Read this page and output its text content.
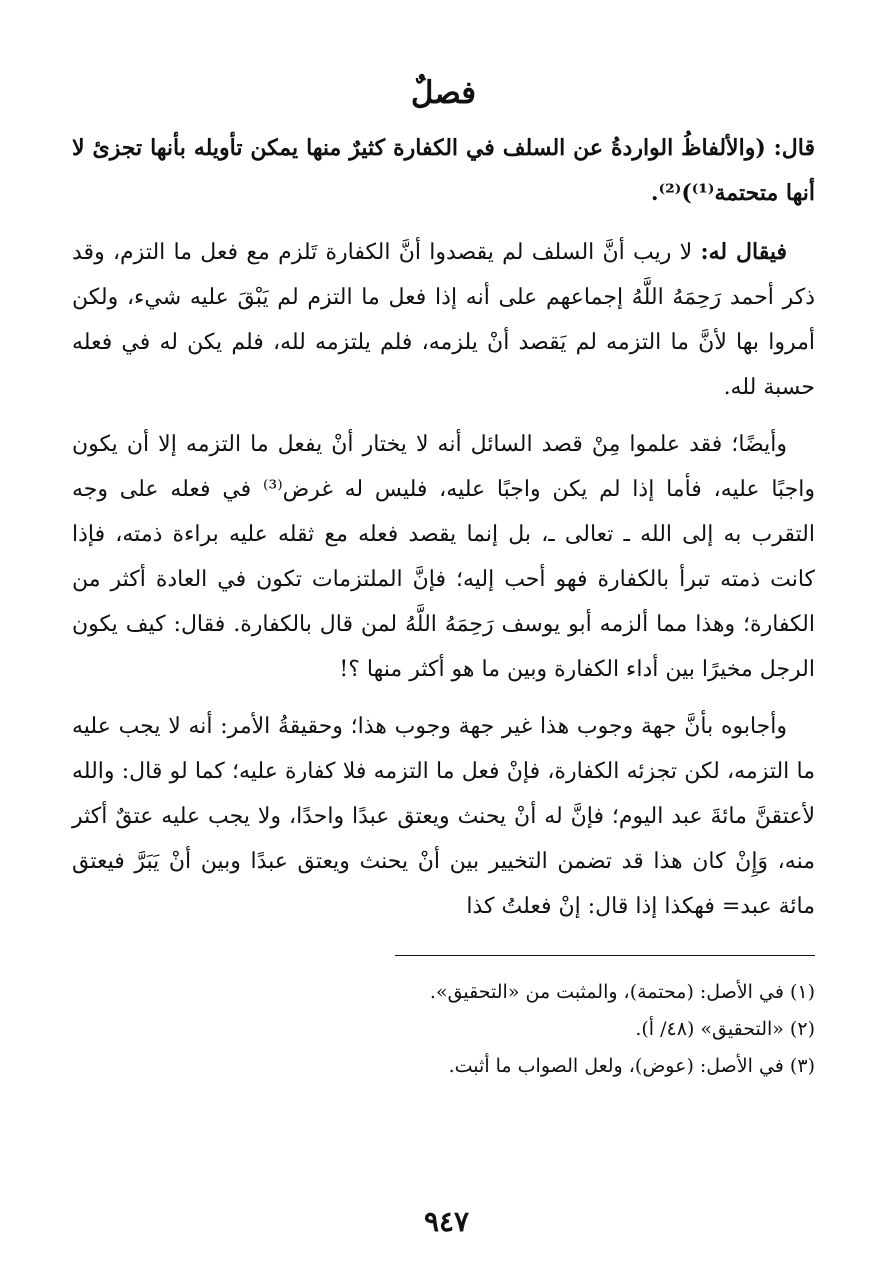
فصلٌ

قال: (والألفاظُ الواردةُ عن السلف في الكفارة كثيرٌ منها يمكن تأويله بأنها تجزئ لا أنها متحتمة⁽¹⁾)⁽²⁾.

فيقال له: لا ريب أنَّ السلف لم يقصدوا أنَّ الكفارة تَلزم مع فعل ما التزم، وقد ذكر أحمد رَحِمَهُ اللَّهُ إجماعهم على أنه إذا فعل ما التزم لم يَبْقَ عليه شيء، ولكن أمروا بها لأنَّ ما التزمه لم يَقصد أنْ يلزمه، فلم يلتزمه لله، فلم يكن له في فعله حسبة لله.

وأيضًا؛ فقد علموا مِنْ قصد السائل أنه لا يختار أنْ يفعل ما التزمه إلا أن يكون واجبًا عليه، فأما إذا لم يكن واجبًا عليه، فليس له غرض⁽³⁾ في فعله على وجه التقرب به إلى الله ـ تعالى ـ، بل إنما يقصد فعله مع ثقله عليه براءة ذمته، فإذا كانت ذمته تبرأ بالكفارة فهو أحب إليه؛ فإنَّ الملتزمات تكون في العادة أكثر من الكفارة؛ وهذا مما ألزمه أبو يوسف رَحِمَهُ اللَّهُ لمن قال بالكفارة. فقال: كيف يكون الرجل مخيرًا بين أداء الكفارة وبين ما هو أكثر منها ؟!

وأجابوه بأنَّ جهة وجوب هذا غير جهة وجوب هذا؛ وحقيقةُ الأمر: أنه لا يجب عليه ما التزمه، لكن تجزئه الكفارة، فإنْ فعل ما التزمه فلا كفارة عليه؛ كما لو قال: والله لأعتقنَّ مائةَ عبد اليوم؛ فإنَّ له أنْ يحنث ويعتق عبدًا واحدًا، ولا يجب عليه عتقٌ أكثر منه، وَإِنْ كان هذا قد تضمن التخيير بين أنْ يحنث ويعتق عبدًا وبين أنْ يَبَرَّ فيعتق مائة عبد= فهكذا إذا قال: إنْ فعلتُ كذا

(١) في الأصل: (محتمة)، والمثبت من «التحقيق».

(٢) «التحقيق» (٤٨/ أ).

(٣) في الأصل: (عوض)، ولعل الصواب ما أثبت.

٩٤٧
